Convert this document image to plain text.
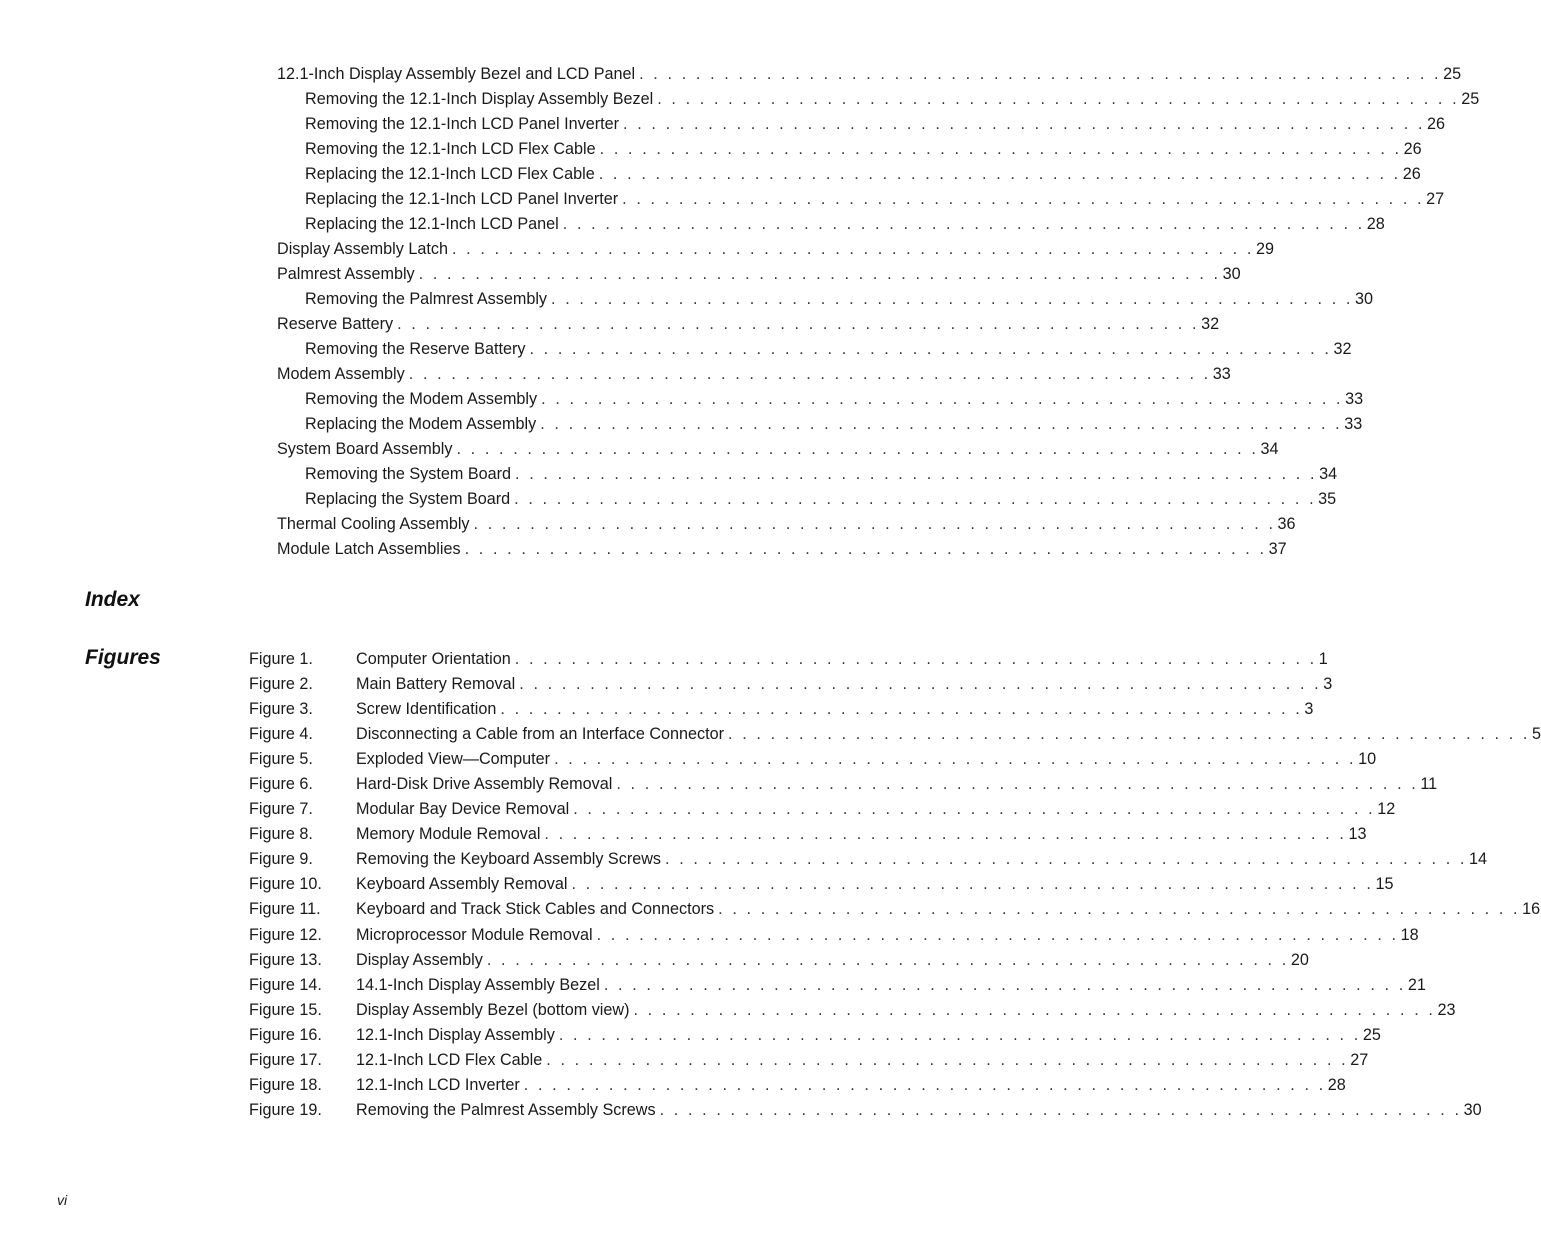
12.1-Inch Display Assembly Bezel and LCD Panel . . . . . . . . . . . . . . . . . . . . . . . . . . . . . . . . . . . . . . . . . . . . . . . . . . . . . . . . . 25
Removing the 12.1-Inch Display Assembly Bezel . . . . . . . . . . . . . . . . . . . . . . . . . . . . . . . . . . . . . . . . . . . . . . . . . . . . . . . . . 25
Removing the 12.1-Inch LCD Panel Inverter . . . . . . . . . . . . . . . . . . . . . . . . . . . . . . . . . . . . . . . . . . . . . . . . . . . . . . . . . 26
Removing the 12.1-Inch LCD Flex Cable . . . . . . . . . . . . . . . . . . . . . . . . . . . . . . . . . . . . . . . . . . . . . . . . . . . . . . . . . 26
Replacing the 12.1-Inch LCD Flex Cable . . . . . . . . . . . . . . . . . . . . . . . . . . . . . . . . . . . . . . . . . . . . . . . . . . . . . . . . . 26
Replacing the 12.1-Inch LCD Panel Inverter . . . . . . . . . . . . . . . . . . . . . . . . . . . . . . . . . . . . . . . . . . . . . . . . . . . . . . . . . 27
Replacing the 12.1-Inch LCD Panel . . . . . . . . . . . . . . . . . . . . . . . . . . . . . . . . . . . . . . . . . . . . . . . . . . . . . . . . . 28
Display Assembly Latch . . . . . . . . . . . . . . . . . . . . . . . . . . . . . . . . . . . . . . . . . . . . . . . . . . . . . . . . . 29
Palmrest Assembly . . . . . . . . . . . . . . . . . . . . . . . . . . . . . . . . . . . . . . . . . . . . . . . . . . . . . . . . . 30
Removing the Palmrest Assembly . . . . . . . . . . . . . . . . . . . . . . . . . . . . . . . . . . . . . . . . . . . . . . . . . . . . . . . . . 30
Reserve Battery . . . . . . . . . . . . . . . . . . . . . . . . . . . . . . . . . . . . . . . . . . . . . . . . . . . . . . . . . 32
Removing the Reserve Battery . . . . . . . . . . . . . . . . . . . . . . . . . . . . . . . . . . . . . . . . . . . . . . . . . . . . . . . . . 32
Modem Assembly . . . . . . . . . . . . . . . . . . . . . . . . . . . . . . . . . . . . . . . . . . . . . . . . . . . . . . . . . 33
Removing the Modem Assembly . . . . . . . . . . . . . . . . . . . . . . . . . . . . . . . . . . . . . . . . . . . . . . . . . . . . . . . . . 33
Replacing the Modem Assembly . . . . . . . . . . . . . . . . . . . . . . . . . . . . . . . . . . . . . . . . . . . . . . . . . . . . . . . . . 33
System Board Assembly . . . . . . . . . . . . . . . . . . . . . . . . . . . . . . . . . . . . . . . . . . . . . . . . . . . . . . . . . 34
Removing the System Board . . . . . . . . . . . . . . . . . . . . . . . . . . . . . . . . . . . . . . . . . . . . . . . . . . . . . . . . . 34
Replacing the System Board . . . . . . . . . . . . . . . . . . . . . . . . . . . . . . . . . . . . . . . . . . . . . . . . . . . . . . . . . 35
Thermal Cooling Assembly . . . . . . . . . . . . . . . . . . . . . . . . . . . . . . . . . . . . . . . . . . . . . . . . . . . . . . . . . 36
Module Latch Assemblies . . . . . . . . . . . . . . . . . . . . . . . . . . . . . . . . . . . . . . . . . . . . . . . . . . . . . . . . . 37
Index
Figures	Figure 1.	Computer Orientation . . . . . . . . . . . . . . . . . . . . . . . . . . . . . . . . . . . . . . . . . . . . . . . . . . . . . . . . . 1
Figure 2.	Main Battery Removal . . . . . . . . . . . . . . . . . . . . . . . . . . . . . . . . . . . . . . . . . . . . . . . . . . . . . . . . . 3
Figure 3.	Screw Identification . . . . . . . . . . . . . . . . . . . . . . . . . . . . . . . . . . . . . . . . . . . . . . . . . . . . . . . . . 3
Figure 4.	Disconnecting a Cable from an Interface Connector . . . . . . . . . . . . . . . . . . . . . . . . . . . . . . . . . . . . . . . . . . . . . . . . . . . . . . . . . 5
Figure 5.	Exploded View—Computer . . . . . . . . . . . . . . . . . . . . . . . . . . . . . . . . . . . . . . . . . . . . . . . . . . . . . . . . . 10
Figure 6.	Hard-Disk Drive Assembly Removal . . . . . . . . . . . . . . . . . . . . . . . . . . . . . . . . . . . . . . . . . . . . . . . . . . . . . . . . . 11
Figure 7.	Modular Bay Device Removal . . . . . . . . . . . . . . . . . . . . . . . . . . . . . . . . . . . . . . . . . . . . . . . . . . . . . . . . . 12
Figure 8.	Memory Module Removal . . . . . . . . . . . . . . . . . . . . . . . . . . . . . . . . . . . . . . . . . . . . . . . . . . . . . . . . . 13
Figure 9.	Removing the Keyboard Assembly Screws . . . . . . . . . . . . . . . . . . . . . . . . . . . . . . . . . . . . . . . . . . . . . . . . . . . . . . . . . 14
Figure 10. Keyboard Assembly Removal . . . . . . . . . . . . . . . . . . . . . . . . . . . . . . . . . . . . . . . . . . . . . . . . . . . . . . . . . 15
Figure 11. Keyboard and Track Stick Cables and Connectors . . . . . . . . . . . . . . . . . . . . . . . . . . . . . . . . . . . . . . . . . . . . . . . . . . . . . . . . . 16
Figure 12. Microprocessor Module Removal . . . . . . . . . . . . . . . . . . . . . . . . . . . . . . . . . . . . . . . . . . . . . . . . . . . . . . . . . 18
Figure 13. Display Assembly . . . . . . . . . . . . . . . . . . . . . . . . . . . . . . . . . . . . . . . . . . . . . . . . . . . . . . . . . 20
Figure 14. 14.1-Inch Display Assembly Bezel . . . . . . . . . . . . . . . . . . . . . . . . . . . . . . . . . . . . . . . . . . . . . . . . . . . . . . . . . 21
Figure 15. Display Assembly Bezel (bottom view) . . . . . . . . . . . . . . . . . . . . . . . . . . . . . . . . . . . . . . . . . . . . . . . . . . . . . . . . . 23
Figure 16. 12.1-Inch Display Assembly . . . . . . . . . . . . . . . . . . . . . . . . . . . . . . . . . . . . . . . . . . . . . . . . . . . . . . . . . 25
Figure 17. 12.1-Inch LCD Flex Cable . . . . . . . . . . . . . . . . . . . . . . . . . . . . . . . . . . . . . . . . . . . . . . . . . . . . . . . . . 27
Figure 18. 12.1-Inch LCD Inverter . . . . . . . . . . . . . . . . . . . . . . . . . . . . . . . . . . . . . . . . . . . . . . . . . . . . . . . . . 28
Figure 19. Removing the Palmrest Assembly Screws . . . . . . . . . . . . . . . . . . . . . . . . . . . . . . . . . . . . . . . . . . . . . . . . . . . . . . . . . 30
vi
